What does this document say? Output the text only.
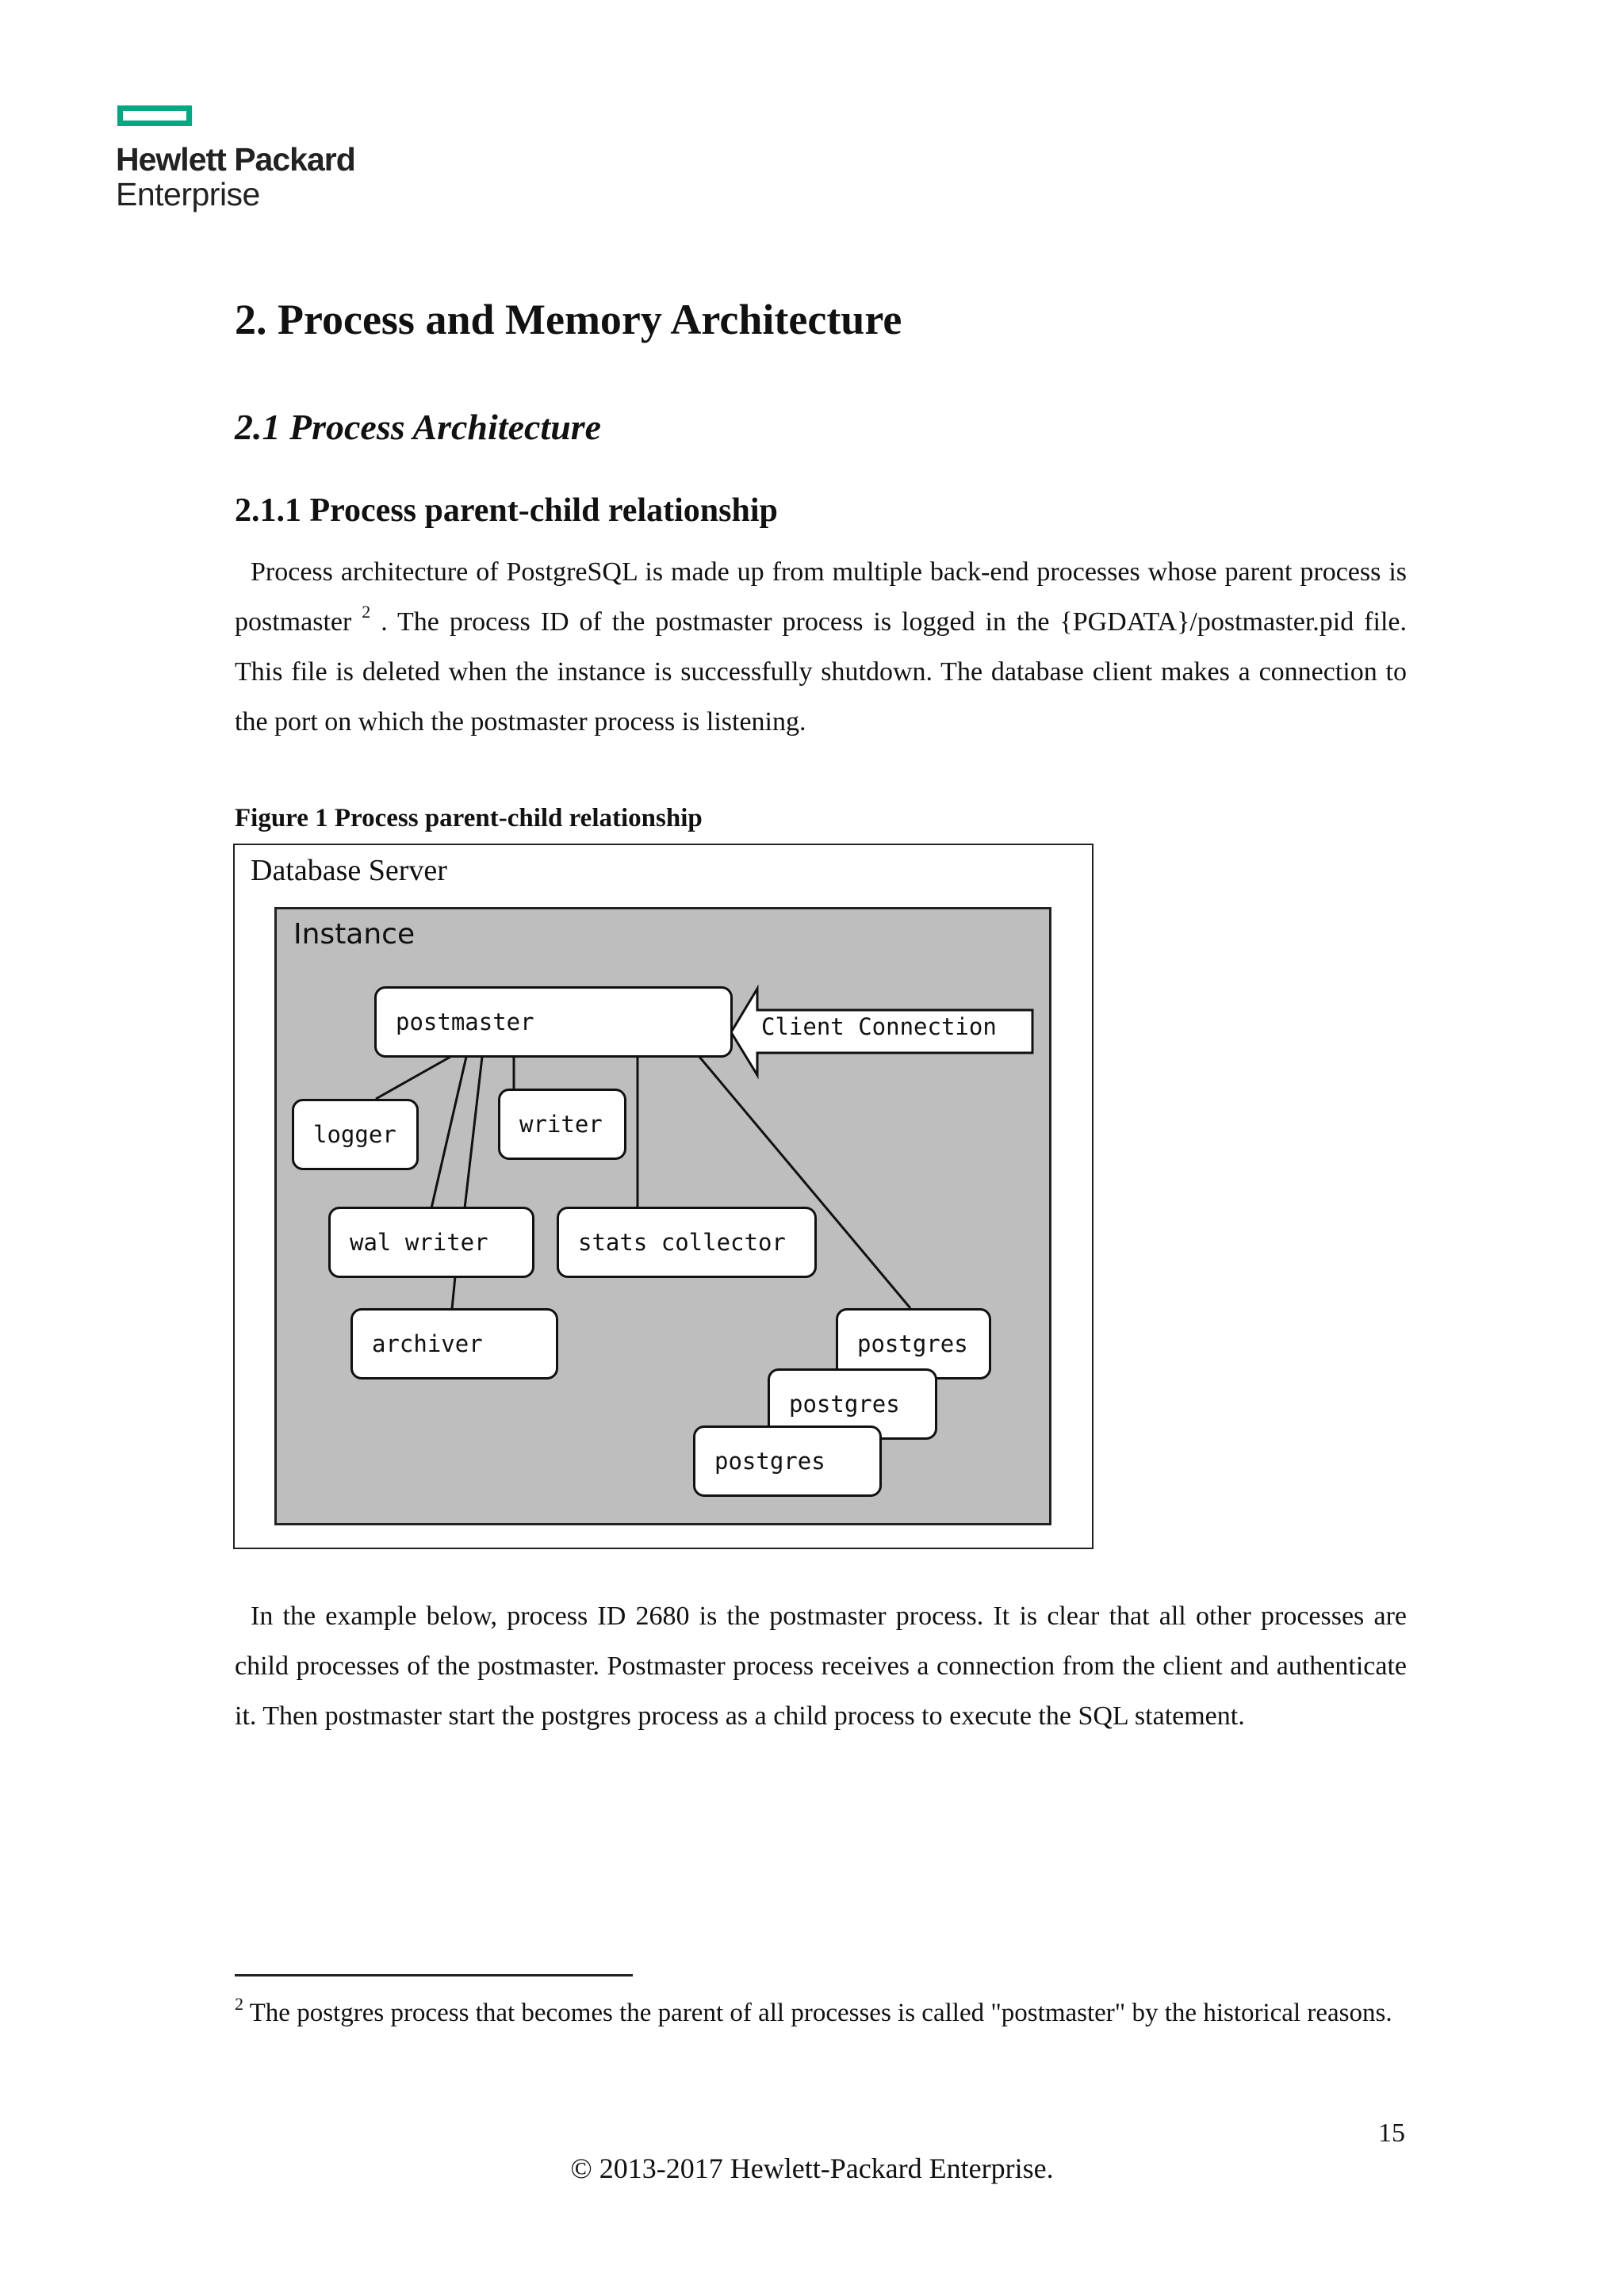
Hewlett Packard
Enterprise
2. Process and Memory Architecture
2.1 Process Architecture
2.1.1 Process parent-child relationship
Process architecture of PostgreSQL is made up from multiple back-end processes whose parent process is postmaster $^2$ . The process ID of the postmaster process is logged in the {PGDATA}/postmaster.pid file. This file is deleted when the instance is successfully shutdown. The database client makes a connection to the port on which the postmaster process is listening.
Figure 1 Process parent-child relationship
Database Server
Instance
Client Connection
postmaster
logger	writer
wal writer	stats collector
archiver	postgres
postgres
postgres
In the example below, process ID 2680 is the postmaster process. It is clear that all other processes are child processes of the postmaster. Postmaster process receives a connection from the client and authenticate it. Then postmaster start the postgres process as a child process to execute the SQL statement.
$^2$ The postgres process that becomes the parent of all processes is called "postmaster" by the historical reasons.
15
© 2013-2017 Hewlett-Packard Enterprise.
